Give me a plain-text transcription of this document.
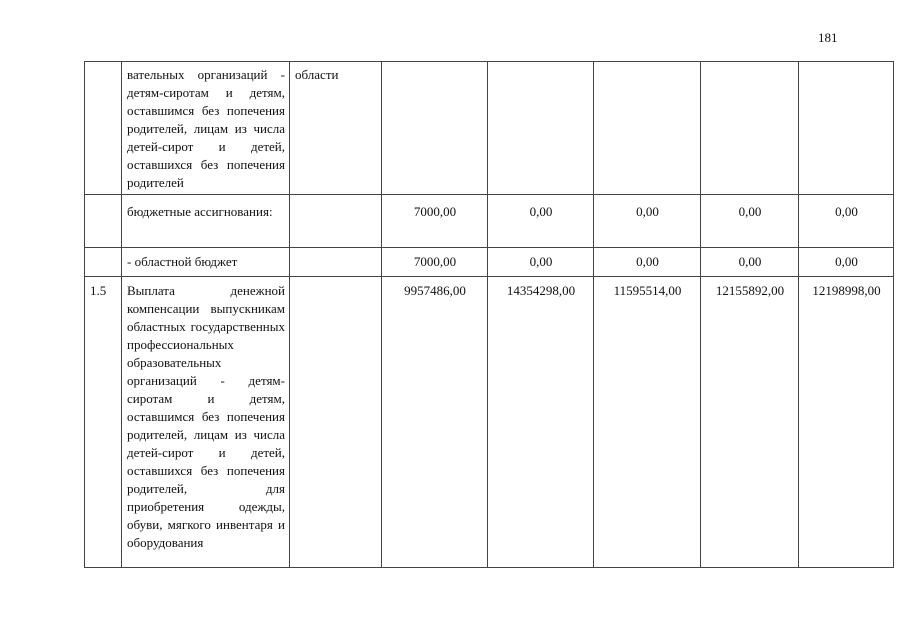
181
	вательных организаций - детям-сиротам и детям, оставшимся без попечения родителей, лицам из числа детей-сирот и детей, оставшихся без попечения родителей	области					
	бюджетные ассигнования:		7000,00	0,00	0,00	0,00	0,00
	- областной бюджет		7000,00	0,00	0,00	0,00	0,00
1.5	Выплата денежной компенсации выпускникам областных государственных профессиональных образовательных организаций - детям-сиротам и детям, оставшимся без попечения родителей, лицам из числа детей-сирот и детей, оставшихся без попечения родителей, для приобретения одежды, обуви, мягкого инвентаря и оборудования		9957486,00	14354298,00	11595514,00	12155892,00	12198998,00
